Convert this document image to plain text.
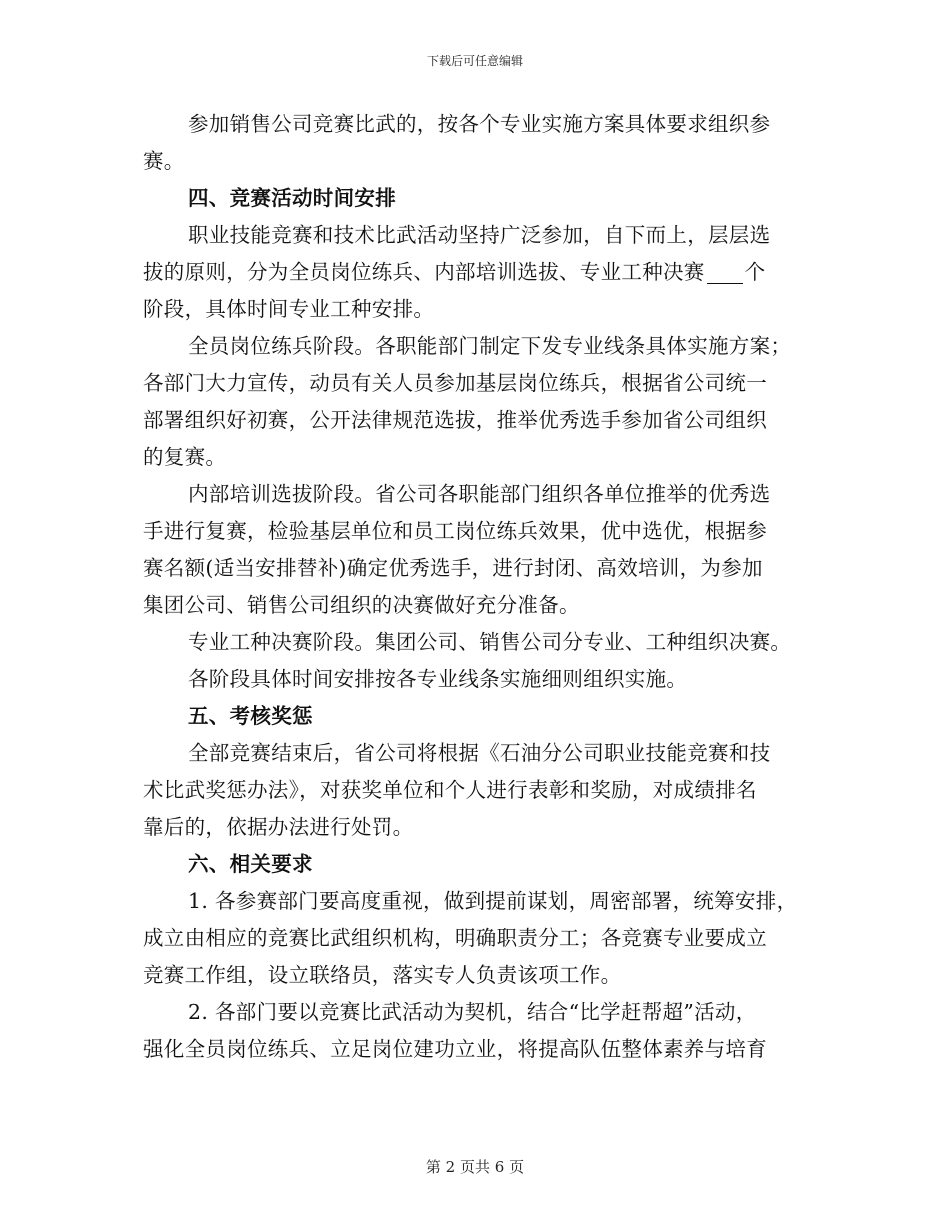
下载后可任意编辑
参加销售公司竞赛比武的，按各个专业实施方案具体要求组织参
赛。
四、竞赛活动时间安排
职业技能竞赛和技术比武活动坚持广泛参加，自下而上，层层选
拔的原则，分为全员岗位练兵、内部培训选拔、专业工种决赛 个
阶段，具体时间专业工种安排。
全员岗位练兵阶段。各职能部门制定下发专业线条具体实施方案；
各部门大力宣传，动员有关人员参加基层岗位练兵，根据省公司统一
部署组织好初赛，公开法律规范选拔，推举优秀选手参加省公司组织
的复赛。
内部培训选拔阶段。省公司各职能部门组织各单位推举的优秀选
手进行复赛，检验基层单位和员工岗位练兵效果，优中选优，根据参
赛名额(适当安排替补)确定优秀选手，进行封闭、高效培训，为参加
集团公司、销售公司组织的决赛做好充分准备。
专业工种决赛阶段。集团公司、销售公司分专业、工种组织决赛。
各阶段具体时间安排按各专业线条实施细则组织实施。
五、考核奖惩
全部竞赛结束后，省公司将根据《石油分公司职业技能竞赛和技
术比武奖惩办法》，对获奖单位和个人进行表彰和奖励，对成绩排名
靠后的，依据办法进行处罚。
六、相关要求
1. 各参赛部门要高度重视，做到提前谋划，周密部署，统筹安排，
成立由相应的竞赛比武组织机构，明确职责分工；各竞赛专业要成立
竞赛工作组，设立联络员，落实专人负责该项工作。
2. 各部门要以竞赛比武活动为契机，结合“比学赶帮超”活动，
强化全员岗位练兵、立足岗位建功立业，将提高队伍整体素养与培育
第 2 页共 6 页
